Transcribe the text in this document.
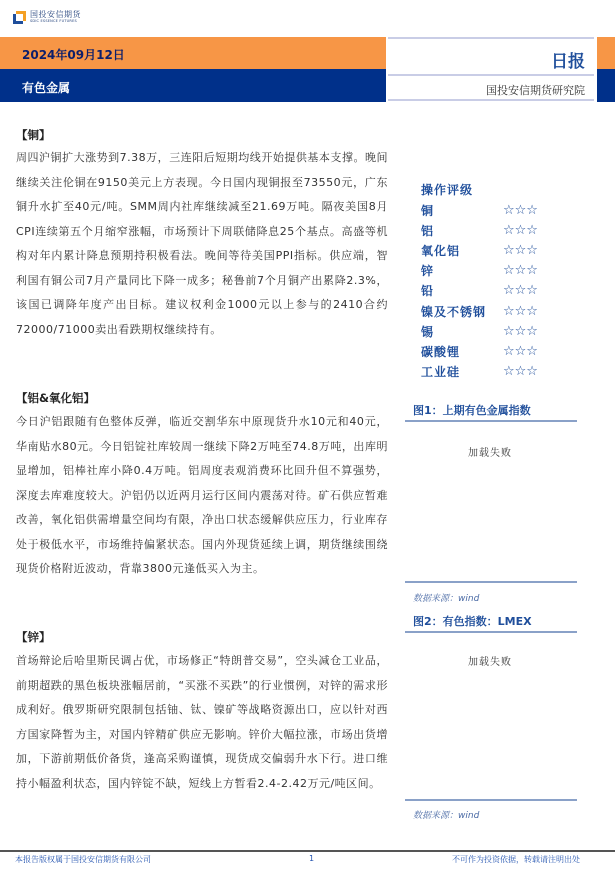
国投安信期货
SDIC ESSENCE FUTURES
2024年09月12日
有色金属
日报
国投安信期货研究院
【铜】
周四沪铜扩大涨势到7.38万，三连阳后短期均线开始提供基本支撑。晚间继续关注伦铜在9150美元上方表现。今日国内现铜报至73550元，广东铜升水扩至40元/吨。SMM周内社库继续减至21.69万吨。隔夜美国8月CPI连续第五个月缩窄涨幅，市场预计下周联储降息25个基点。高盛等机构对年内累计降息预期持积极看法。晚间等待美国PPI指标。供应端，智利国有铜公司7月产量同比下降一成多；秘鲁前7个月铜产出累降2.3%，该国已调降年度产出目标。建议权利金1000元以上参与的2410合约72000/71000卖出看跌期权继续持有。
【铝&氧化铝】
今日沪铝跟随有色整体反弹，临近交割华东中原现货升水10元和40元，华南贴水80元。今日铝锭社库较周一继续下降2万吨至74.8万吨，出库明显增加，铝棒社库小降0.4万吨。铝周度表观消费环比回升但不算强势，深度去库难度较大。沪铝仍以近两月运行区间内震荡对待。矿石供应暂难改善，氧化铝供需增量空间均有限，净出口状态缓解供应压力，行业库存处于极低水平，市场维持偏紧状态。国内外现货延续上调，期货继续围绕现货价格附近波动，背靠3800元逢低买入为主。
【锌】
首场辩论后哈里斯民调占优，市场修正“特朗普交易”，空头减仓工业品，前期超跌的黑色板块涨幅居前，“买涨不买跌”的行业惯例，对锌的需求形成利好。俄罗斯研究限制包括铀、钛、镍矿等战略资源出口，应以针对西方国家降暂为主，对国内锌精矿供应无影响。锌价大幅拉涨，市场出货增加，下游前期低价备货，逢高采购谨慎，现货成交偏弱升水下行。进口维持小幅盈利状态，国内锌锭不缺，短线上方暂看2.4-2.42万元/吨区间。
操作评级
铜	☆☆☆
铝	☆☆☆
氧化铝	☆☆☆
锌	☆☆☆
铅	☆☆☆
镍及不锈钢	☆☆☆
锡	☆☆☆
碳酸锂	☆☆☆
工业硅	☆☆☆
图1：上期有色金属指数
加载失败
数据来源：wind
图2：有色指数：LMEX
加载失败
数据来源：wind
本报告版权属于国投安信期货有限公司	1	不可作为投资依据，转载请注明出处
